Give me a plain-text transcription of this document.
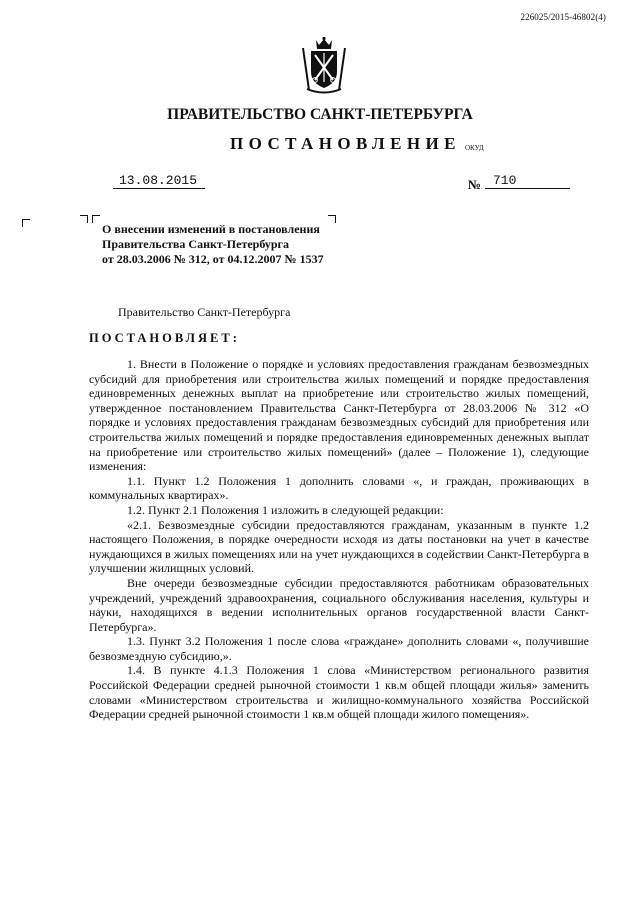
226025/2015-46802(4)
ПРАВИТЕЛЬСТВО САНКТ-ПЕТЕРБУРГА
ПОСТАНОВЛЕНИЕ ОКУД
13.08.2015	№ 710
О внесении изменений в постановления
Правительства Санкт-Петербурга
от 28.03.2006 № 312, от 04.12.2007 № 1537
Правительство Санкт-Петербурга
ПОСТАНОВЛЯЕТ:

1. Внести в Положение о порядке и условиях предоставления гражданам безвозмездных субсидий для приобретения или строительства жилых помещений и порядке предоставления единовременных денежных выплат на приобретение или строительство жилых помещений, утвержденное постановлением Правительства Санкт-Петербурга от 28.03.2006 № 312 «О порядке и условиях предоставления гражданам безвозмездных субсидий для приобретения или строительства жилых помещений и порядке предоставления единовременных денежных выплат на приобретение или строительство жилых помещений» (далее – Положение 1), следующие изменения:

1.1. Пункт 1.2 Положения 1 дополнить словами «, и граждан, проживающих в коммунальных квартирах».

1.2. Пункт 2.1 Положения 1 изложить в следующей редакции:

«2.1. Безвозмездные субсидии предоставляются гражданам, указанным в пункте 1.2 настоящего Положения, в порядке очередности исходя из даты постановки на учет в качестве нуждающихся в жилых помещениях или на учет нуждающихся в содействии Санкт-Петербурга в улучшении жилищных условий.

Вне очереди безвозмездные субсидии предоставляются работникам образовательных учреждений, учреждений здравоохранения, социального обслуживания населения, культуры и науки, находящихся в ведении исполнительных органов государственной власти Санкт-Петербурга».

1.3. Пункт 3.2 Положения 1 после слова «граждане» дополнить словами «, получившие безвозмездную субсидию,».

1.4. В пункте 4.1.3 Положения 1 слова «Министерством регионального развития Российской Федерации средней рыночной стоимости 1 кв.м общей площади жилья» заменить словами «Министерством строительства и жилищно-коммунального хозяйства Российской Федерации средней рыночной стоимости 1 кв.м общей площади жилого помещения».
